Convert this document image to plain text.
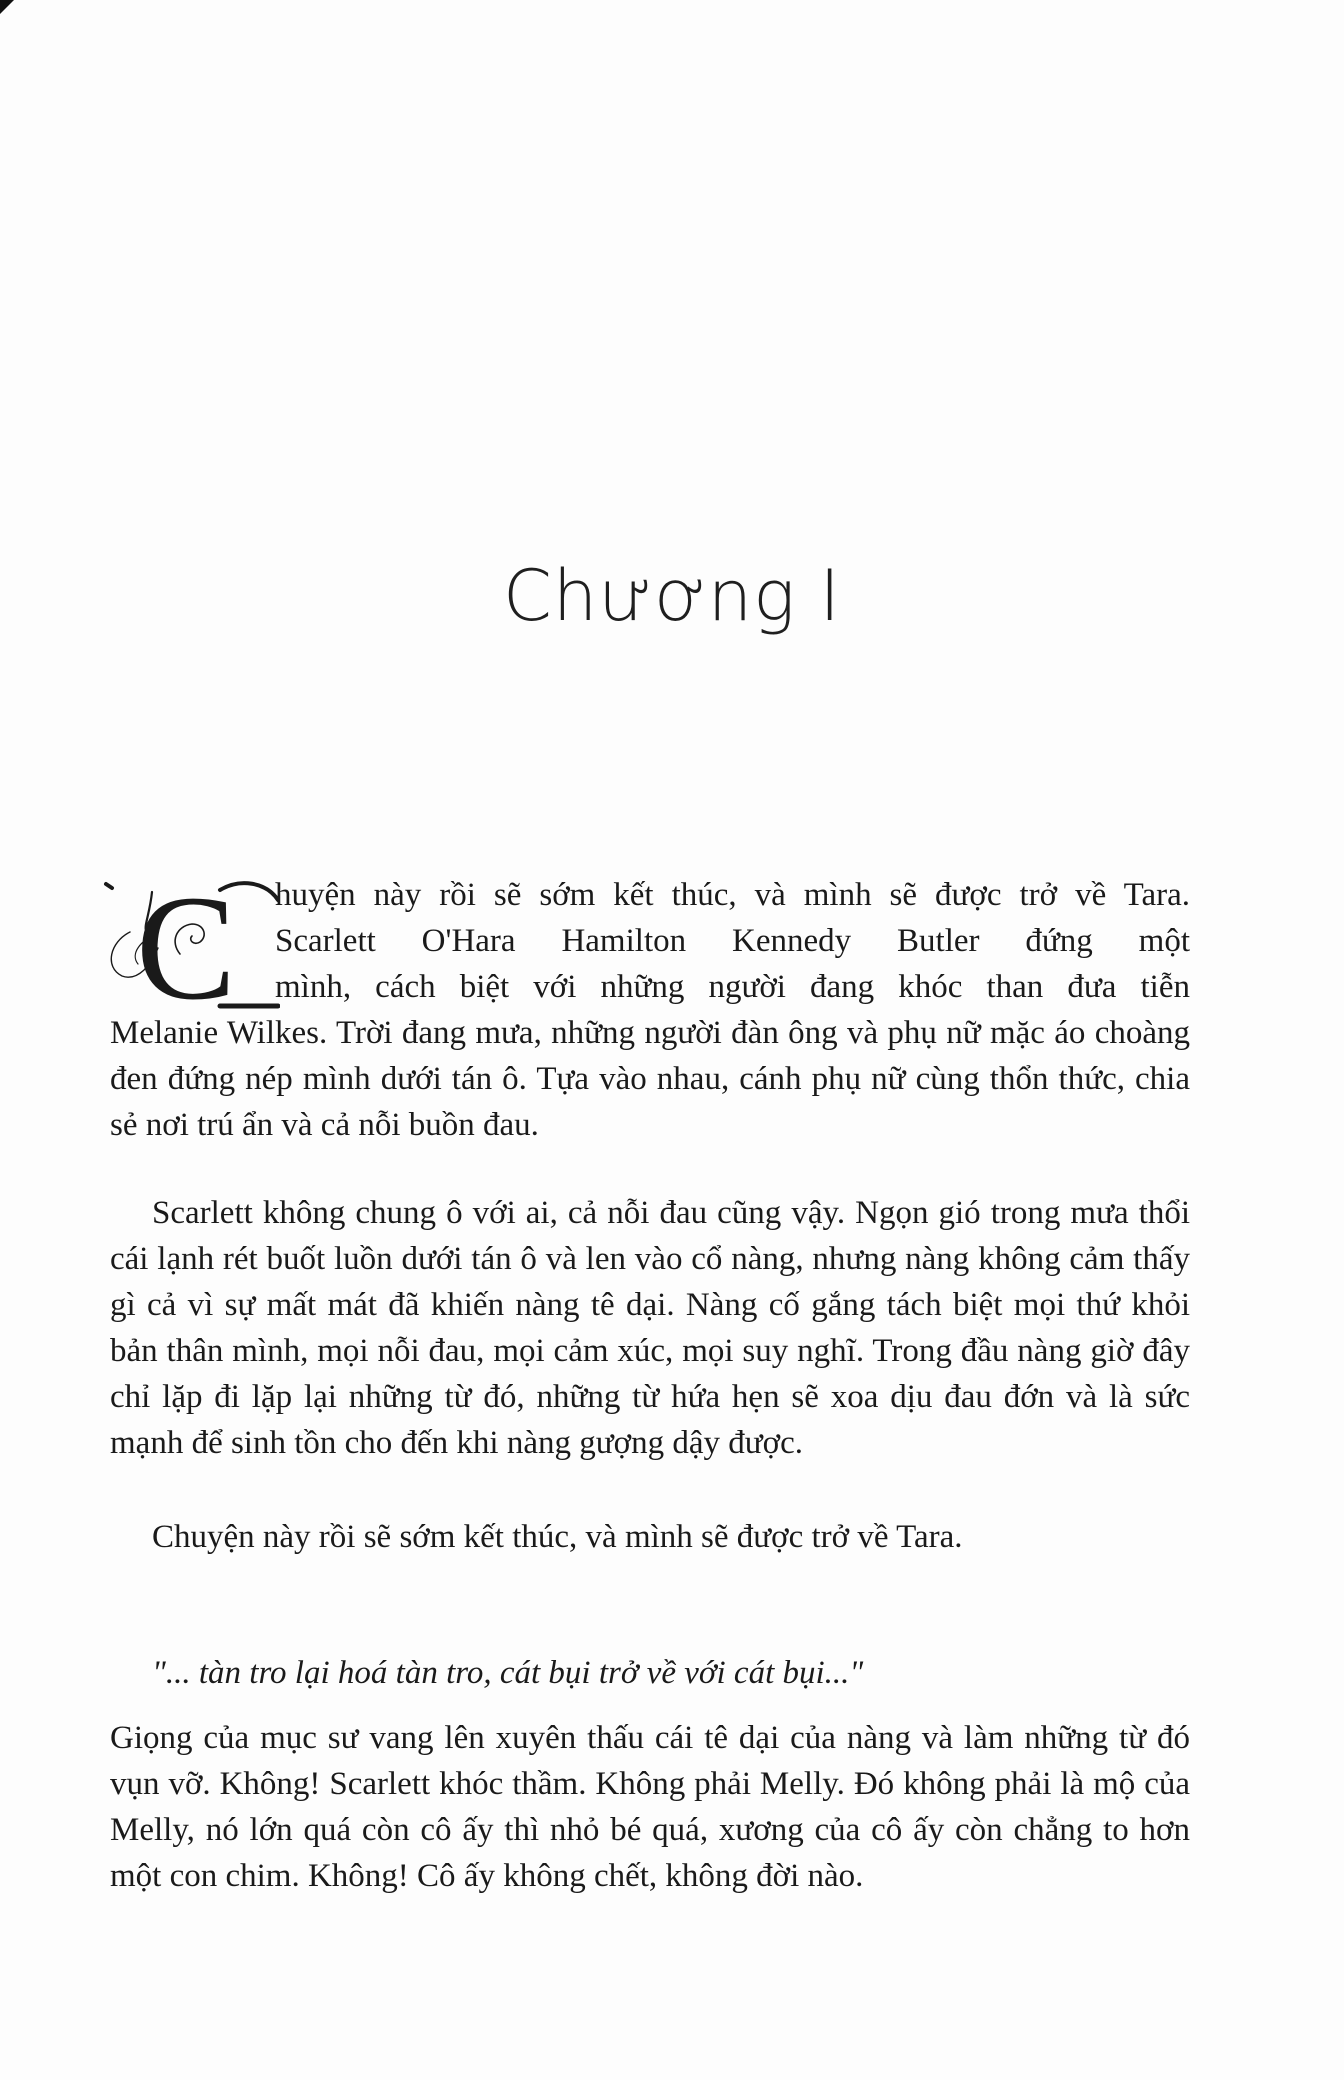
Chương I
C	huyện này rồi sẽ sớm kết thúc, và mình sẽ được trở về Tara.
Scarlett O'Hara Hamilton Kennedy Butler đứng một
mình, cách biệt với những người đang khóc than đưa tiễn

Melanie Wilkes. Trời đang mưa, những người đàn ông và phụ nữ mặc áo choàng đen đứng nép mình dưới tán ô. Tựa vào nhau, cánh phụ nữ cùng thổn thức, chia sẻ nơi trú ẩn và cả nỗi buồn đau.

Scarlett không chung ô với ai, cả nỗi đau cũng vậy. Ngọn gió trong mưa thổi cái lạnh rét buốt luồn dưới tán ô và len vào cổ nàng, nhưng nàng không cảm thấy gì cả vì sự mất mát đã khiến nàng tê dại. Nàng cố gắng tách biệt mọi thứ khỏi bản thân mình, mọi nỗi đau, mọi cảm xúc, mọi suy nghĩ. Trong đầu nàng giờ đây chỉ lặp đi lặp lại những từ đó, những từ hứa hẹn sẽ xoa dịu đau đớn và là sức mạnh để sinh tồn cho đến khi nàng gượng dậy được.

Chuyện này rồi sẽ sớm kết thúc, và mình sẽ được trở về Tara.

"... tàn tro lại hoá tàn tro, cát bụi trở về với cát bụi..."

Giọng của mục sư vang lên xuyên thấu cái tê dại của nàng và làm những từ đó vụn vỡ. Không! Scarlett khóc thầm. Không phải Melly. Đó không phải là mộ của Melly, nó lớn quá còn cô ấy thì nhỏ bé quá, xương của cô ấy còn chẳng to hơn một con chim. Không! Cô ấy không chết, không đời nào.
